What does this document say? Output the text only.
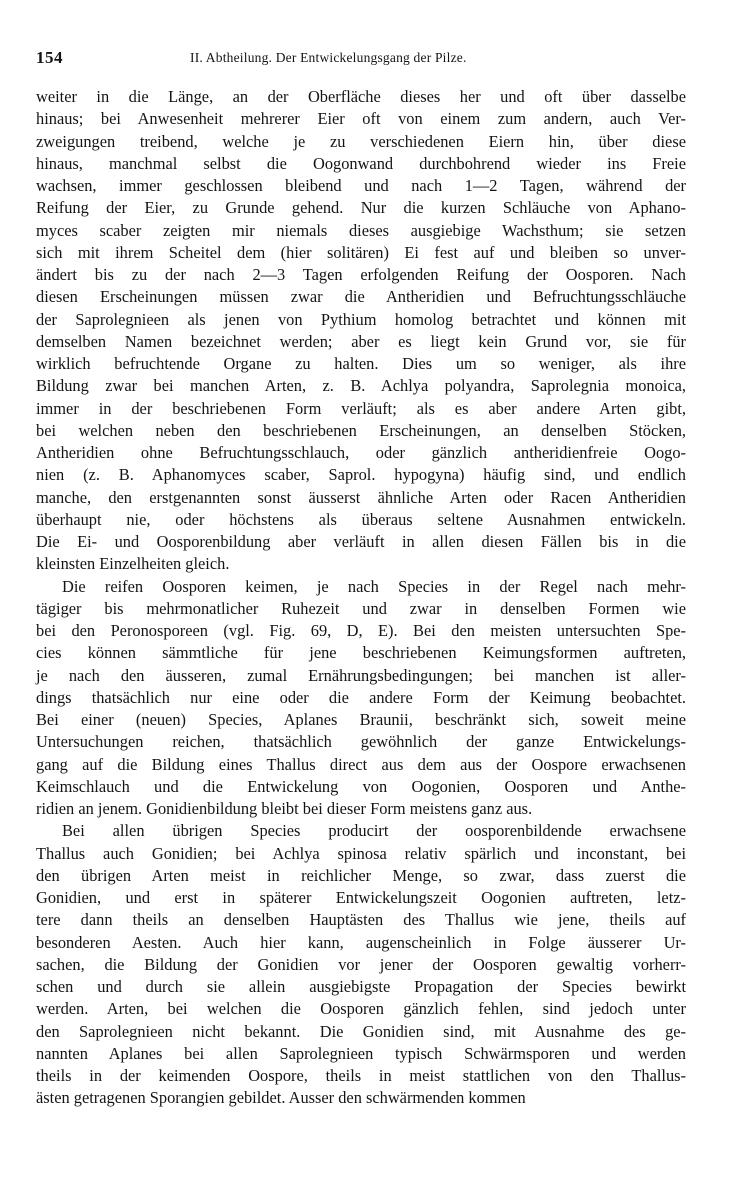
154	II. Abtheilung. Der Entwickelungsgang der Pilze.
weiter in die Länge, an der Oberfläche dieses her und oft über dasselbe
hinaus; bei Anwesenheit mehrerer Eier oft von einem zum andern, auch Ver-
zweigungen treibend, welche je zu verschiedenen Eiern hin, über diese
hinaus, manchmal selbst die Oogonwand durchbohrend wieder ins Freie
wachsen, immer geschlossen bleibend und nach 1—2 Tagen, während der
Reifung der Eier, zu Grunde gehend. Nur die kurzen Schläuche von Aphano-
myces scaber zeigten mir niemals dieses ausgiebige Wachsthum; sie setzen
sich mit ihrem Scheitel dem (hier solitären) Ei fest auf und bleiben so unver-
ändert bis zu der nach 2—3 Tagen erfolgenden Reifung der Oosporen. Nach
diesen Erscheinungen müssen zwar die Antheridien und Befruchtungsschläuche
der Saprolegnieen als jenen von Pythium homolog betrachtet und können mit
demselben Namen bezeichnet werden; aber es liegt kein Grund vor, sie für
wirklich befruchtende Organe zu halten. Dies um so weniger, als ihre
Bildung zwar bei manchen Arten, z. B. Achlya polyandra, Saprolegnia monoica,
immer in der beschriebenen Form verläuft; als es aber andere Arten gibt,
bei welchen neben den beschriebenen Erscheinungen, an denselben Stöcken,
Antheridien ohne Befruchtungsschlauch, oder gänzlich antheridienfreie Oogo-
nien (z. B. Aphanomyces scaber, Saprol. hypogyna) häufig sind, und endlich
manche, den erstgenannten sonst äusserst ähnliche Arten oder Racen Antheridien
überhaupt nie, oder höchstens als überaus seltene Ausnahmen entwickeln.
Die Ei- und Oosporenbildung aber verläuft in allen diesen Fällen bis in die
kleinsten Einzelheiten gleich.
Die reifen Oosporen keimen, je nach Species in der Regel nach mehr-
tägiger bis mehrmonatlicher Ruhezeit und zwar in denselben Formen wie
bei den Peronosporeen (vgl. Fig. 69, D, E). Bei den meisten untersuchten Spe-
cies können sämmtliche für jene beschriebenen Keimungsformen auftreten,
je nach den äusseren, zumal Ernährungsbedingungen; bei manchen ist aller-
dings thatsächlich nur eine oder die andere Form der Keimung beobachtet.
Bei einer (neuen) Species, Aplanes Braunii, beschränkt sich, soweit meine
Untersuchungen reichen, thatsächlich gewöhnlich der ganze Entwickelungs-
gang auf die Bildung eines Thallus direct aus dem aus der Oospore erwachsenen
Keimschlauch und die Entwickelung von Oogonien, Oosporen und Anthe-
ridien an jenem. Gonidienbildung bleibt bei dieser Form meistens ganz aus.
Bei allen übrigen Species producirt der oosporenbildende erwachsene
Thallus auch Gonidien; bei Achlya spinosa relativ spärlich und inconstant, bei
den übrigen Arten meist in reichlicher Menge, so zwar, dass zuerst die
Gonidien, und erst in späterer Entwickelungszeit Oogonien auftreten, letz-
tere dann theils an denselben Hauptästen des Thallus wie jene, theils auf
besonderen Aesten. Auch hier kann, augenscheinlich in Folge äusserer Ur-
sachen, die Bildung der Gonidien vor jener der Oosporen gewaltig vorherr-
schen und durch sie allein ausgiebigste Propagation der Species bewirkt
werden. Arten, bei welchen die Oosporen gänzlich fehlen, sind jedoch unter
den Saprolegnieen nicht bekannt. Die Gonidien sind, mit Ausnahme des ge-
nannten Aplanes bei allen Saprolegnieen typisch Schwärmsporen und werden
theils in der keimenden Oospore, theils in meist stattlichen von den Thallus-
ästen getragenen Sporangien gebildet. Ausser den schwärmenden kommen
